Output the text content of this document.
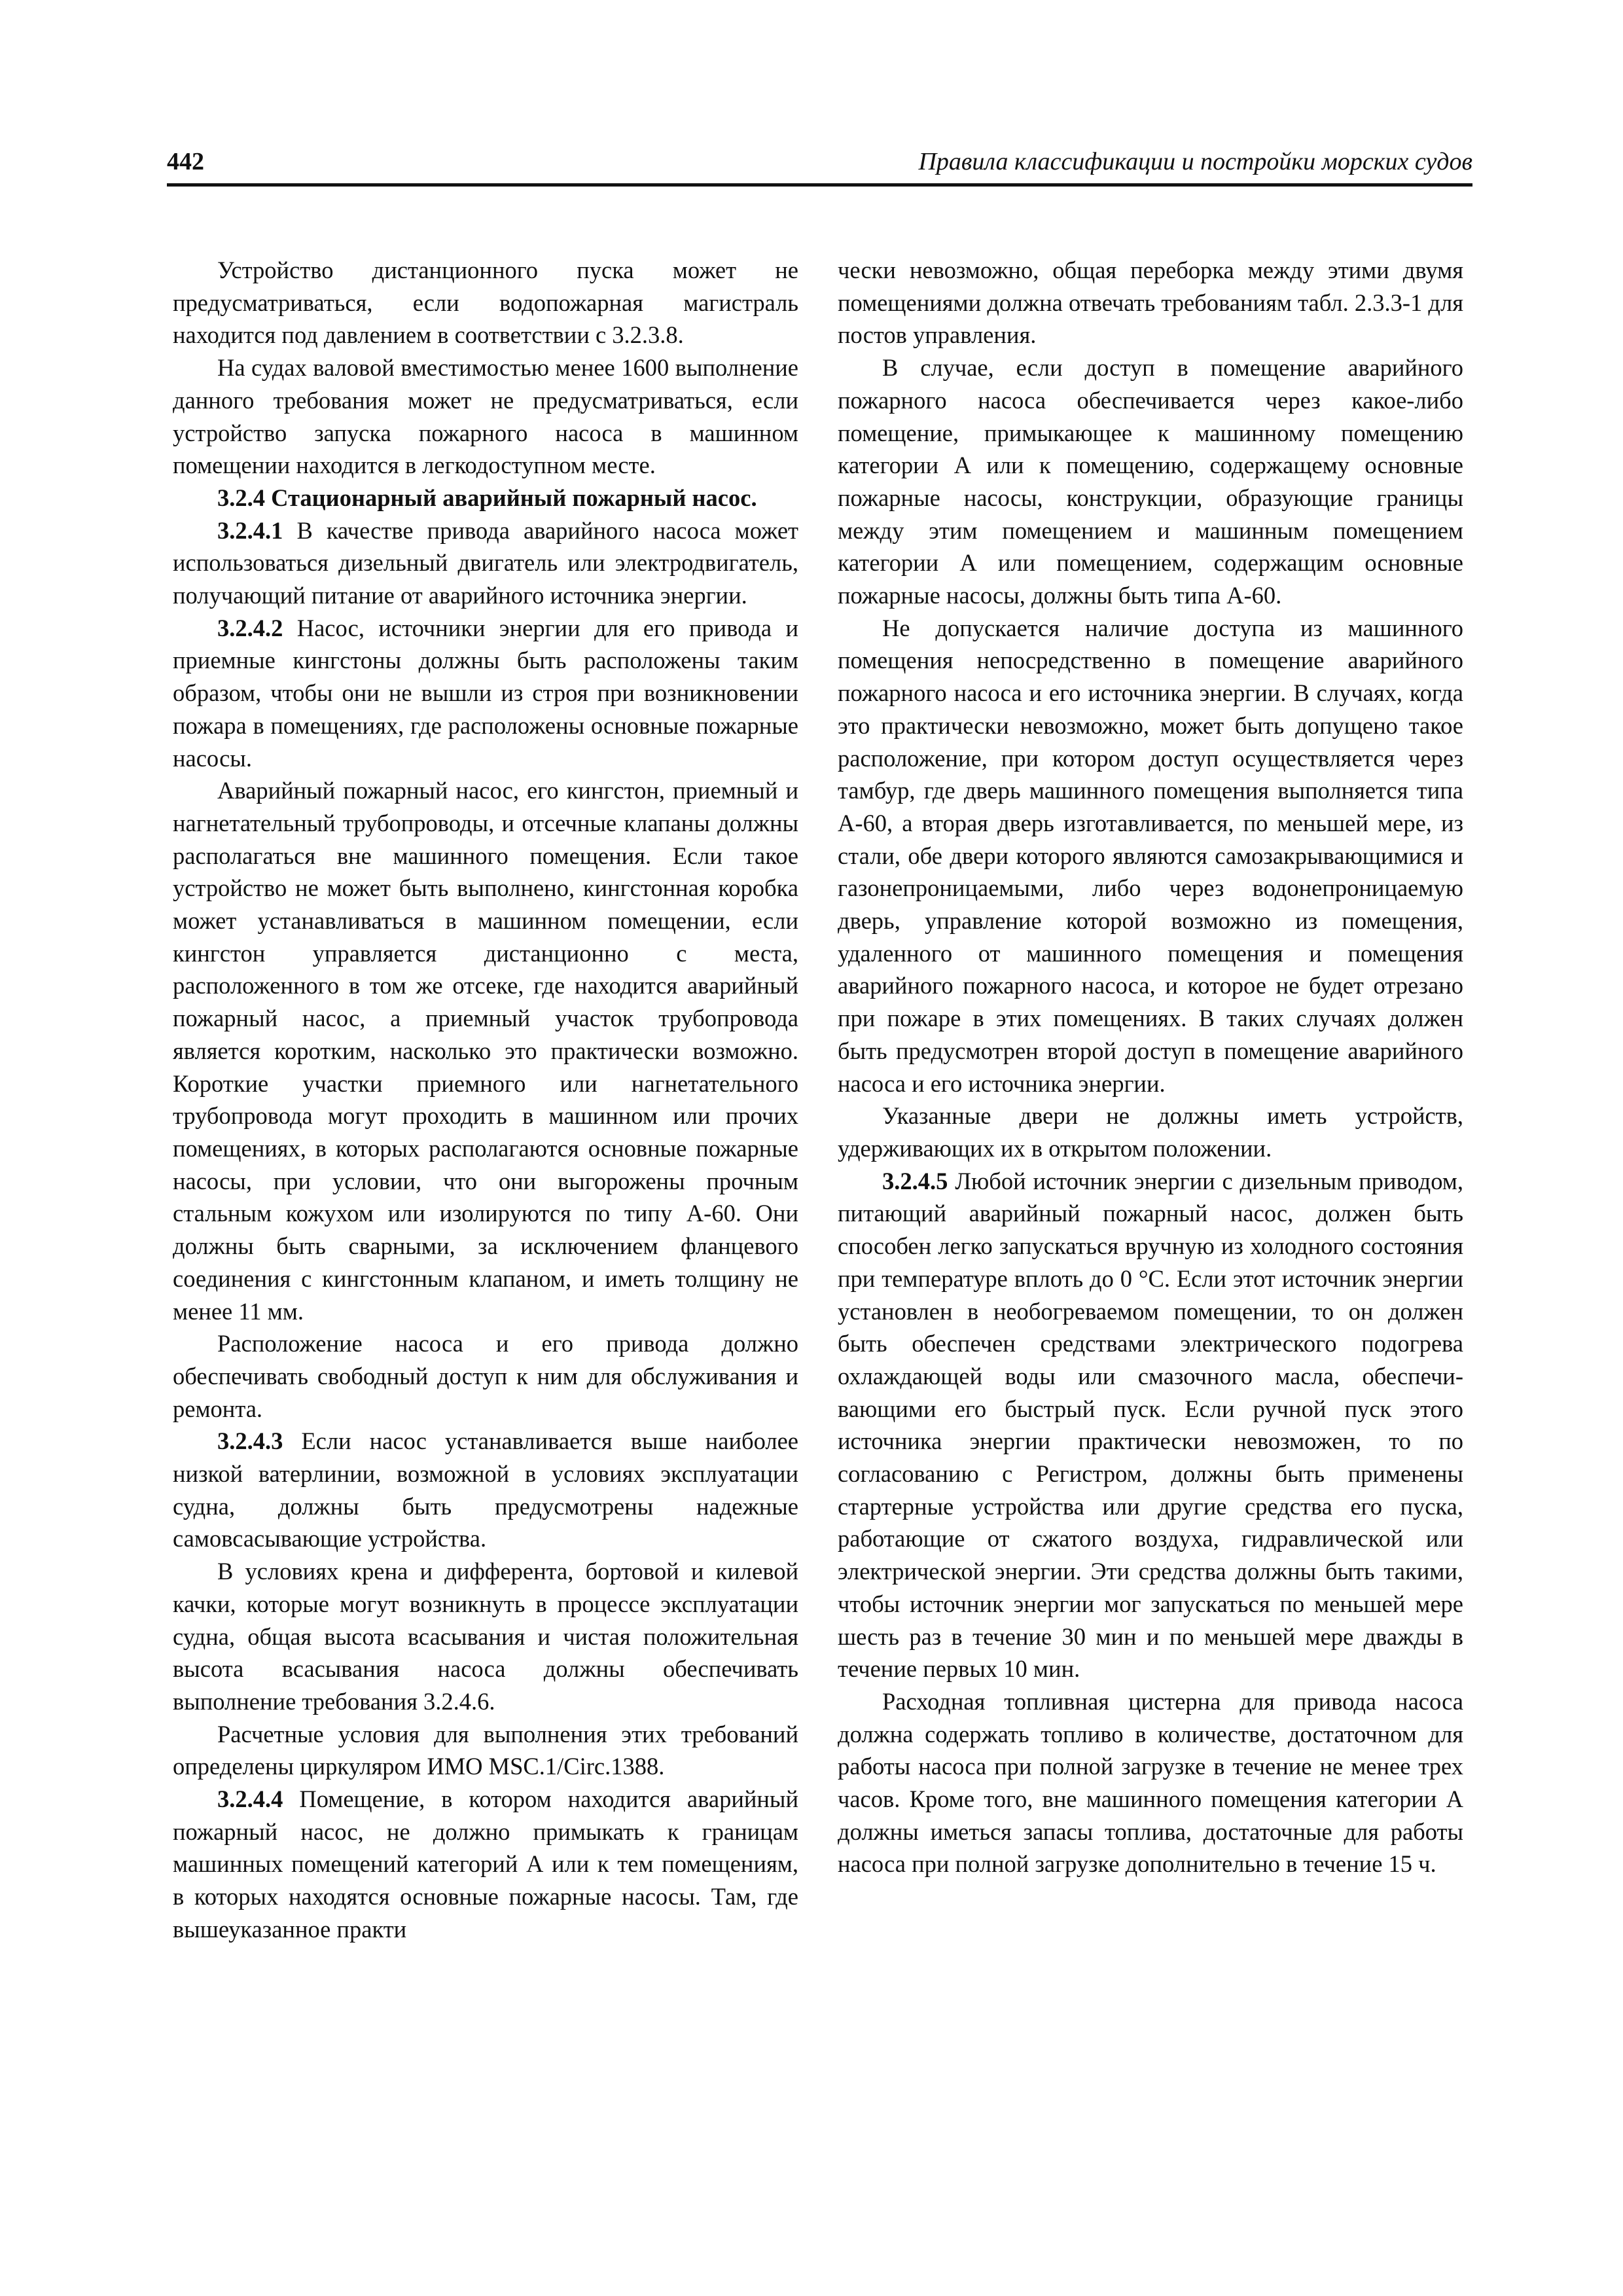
442	Правила классификации и постройки морских судов

Устройство дистанционного пуска может не предусматриваться, если водопожарная магистраль находится под давлением в соответствии с 3.2.3.8.

На судах валовой вместимостью менее 1600 выполнение данного требования может не предусматриваться, если устройство запуска пожарного насоса в машинном помещении находится в легкодоступном месте.

3.2.4 Стационарный аварийный пожарный насос.

3.2.4.1 В качестве привода аварийного насоса может использоваться дизельный двигатель или электродвигатель, получающий питание от аварийного источника энергии.

3.2.4.2 Насос, источники энергии для его привода и приемные кингстоны должны быть расположены таким образом, чтобы они не вышли из строя при возникновении пожара в помещениях, где расположены основные пожарные насосы.

Аварийный пожарный насос, его кингстон, приемный и нагнетательный трубопроводы, и отсечные клапаны должны располагаться вне машинного помещения. Если такое устройство не может быть выполнено, кингстонная коробка может устанавливаться в машинном помещении, если кингстон управляется дистанционно с места, расположенного в том же отсеке, где находится аварийный пожарный насос, а приемный участок трубопровода является коротким, насколько это практически возможно. Короткие участки приемного или нагнетательного трубопровода могут проходить в машинном или прочих помещениях, в которых располагаются основные пожарные насосы, при условии, что они выгорожены прочным стальным кожухом или изолируются по типу А-60. Они должны быть сварными, за исключением фланцевого соединения с кингстонным клапаном, и иметь толщину не менее 11 мм.

Расположение насоса и его привода должно обеспечивать свободный доступ к ним для обслуживания и ремонта.

3.2.4.3 Если насос устанавливается выше наиболее низкой ватерлинии, возможной в условиях эксплуатации судна, должны быть предусмотрены надежные самовсасывающие устройства.

В условиях крена и дифферента, бортовой и килевой качки, которые могут возникнуть в процессе эксплуатации судна, общая высота всасывания и чистая положительная высота всасывания насоса должны обеспечивать выполнение требования 3.2.4.6.

Расчетные условия для выполнения этих требований определены циркуляром ИМО MSC.1/Circ.1388.

3.2.4.4 Помещение, в котором находится аварийный пожарный насос, не должно примыкать к границам машинных помещений категорий А или к тем помещениям, в которых находятся основные пожарные насосы. Там, где вышеуказанное практи

чески невозможно, общая переборка между этими двумя помещениями должна отвечать требованиям табл. 2.3.3-1 для постов управления.

В случае, если доступ в помещение аварийного пожарного насоса обеспечивается через какое-либо помещение, примыкающее к машинному помещению категории А или к помещению, содержащему основные пожарные насосы, конструкции, образующие границы между этим помещением и машинным помещением категории А или помещением, содержащим основные пожарные насосы, должны быть типа А-60.

Не допускается наличие доступа из машинного помещения непосредственно в помещение аварийного пожарного насоса и его источника энергии. В случаях, когда это практически невозможно, может быть допущено такое расположение, при котором доступ осуществляется через тамбур, где дверь машинного помещения выполняется типа А-60, а вторая дверь изготавливается, по меньшей мере, из стали, обе двери которого являются самозакрывающимися и газонепроницаемыми, либо через водонепроницаемую дверь, управление которой возможно из помещения, удаленного от машинного помещения и помещения аварийного пожарного насоса, и которое не будет отрезано при пожаре в этих помещениях. В таких случаях должен быть предусмотрен второй доступ в помещение аварийного насоса и его источника энергии.

Указанные двери не должны иметь устройств, удерживающих их в открытом положении.

3.2.4.5 Любой источник энергии с дизельным приводом, питающий аварийный пожарный насос, должен быть способен легко запускаться вручную из холодного состояния при температуре вплоть до 0 °C. Если этот источник энергии установлен в необогреваемом помещении, то он должен быть обеспечен средствами электрического подогрева охлаждающей воды или смазочного масла, обеспечи-вающими его быстрый пуск. Если ручной пуск этого источника энергии практически невозможен, то по согласованию с Регистром, должны быть применены стартерные устройства или другие средства его пуска, работающие от сжатого воздуха, гидравлической или электрической энергии. Эти средства должны быть такими, чтобы источник энергии мог запускаться по меньшей мере шесть раз в течение 30 мин и по меньшей мере дважды в течение первых 10 мин.

Расходная топливная цистерна для привода насоса должна содержать топливо в количестве, достаточном для работы насоса при полной загрузке в течение не менее трех часов. Кроме того, вне машинного помещения категории А должны иметься запасы топлива, достаточные для работы насоса при полной загрузке дополнительно в течение 15 ч.
